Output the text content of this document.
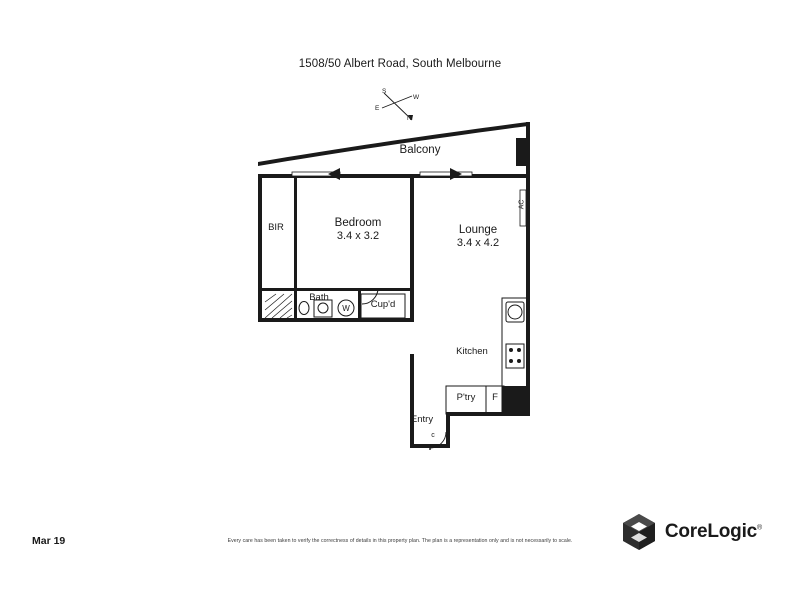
1508/50 Albert Road, South Melbourne
N
S
E
W
Balcony
Bedroom
3.4 x 3.2
Lounge
3.4 x 4.2
Kitchen
Bath
Entry
BIR
Cup'd
P'try	F
W
AC
c
Mar 19	Every care has been taken to verify the correctness of details in this property plan. The plan is a representation only and is not necessarily to scale.	CoreLogic®
